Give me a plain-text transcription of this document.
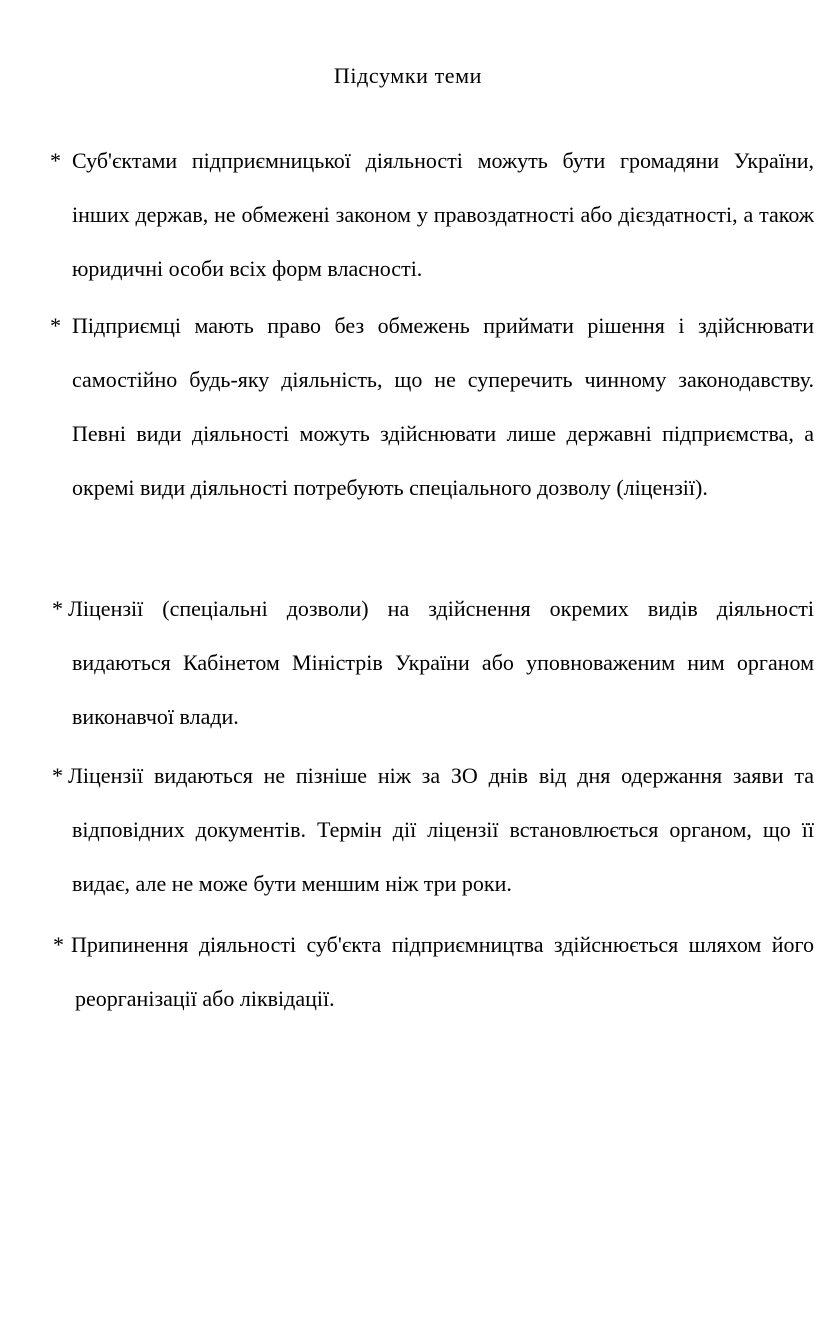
Підсумки теми
* Суб'єктами підприємницької діяльності можуть бути громадяни України, інших держав, не обмежені законом у правоздатності або дієздатності, а також юридичні особи всіх форм власності.
* Підприємці мають право без обмежень приймати рішення і здійснювати самостійно будь-яку діяльність, що не суперечить чинному законодавству. Певні види діяльності можуть здійснювати лише державні підприємства, а окремі види діяльності потребують спеціального дозволу (ліцензії).
* Ліцензії (спеціальні дозволи) на здійснення окремих видів діяльності видаються Кабінетом Міністрів України або уповноваженим ним органом виконавчої влади.
* Ліцензії видаються не пізніше ніж за ЗО днів від дня одержання заяви та відповідних документів. Термін дії ліцензії встановлюється органом, що її видає, але не може бути меншим ніж три роки.
* Припинення діяльності суб'єкта підприємництва здійснюється шляхом його реорганізації або ліквідації.
